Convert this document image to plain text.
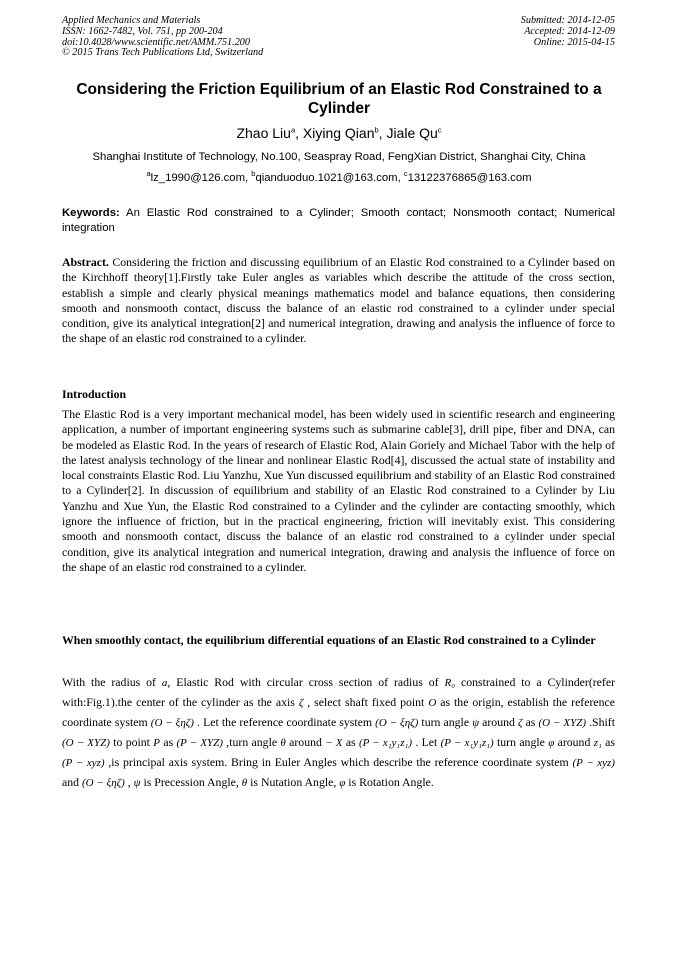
Applied Mechanics and Materials
ISSN: 1662-7482, Vol. 751, pp 200-204
doi:10.4028/www.scientific.net/AMM.751.200
© 2015 Trans Tech Publications Ltd, Switzerland
Submitted: 2014-12-05
Accepted: 2014-12-09
Online: 2015-04-15
Considering the Friction Equilibrium of an Elastic Rod Constrained to a Cylinder
Zhao Liu$^a$, Xiying Qian$^b$, Jiale Qu$^c$
Shanghai Institute of Technology, No.100, Seaspray Road, FengXian District, Shanghai City, China
$^a$lz_1990@126.com, $^b$qianduoduo.1021@163.com, $^c$13122376865@163.com
Keywords: An Elastic Rod constrained to a Cylinder; Smooth contact; Nonsmooth contact; Numerical integration
Abstract. Considering the friction and discussing equilibrium of an Elastic Rod constrained to a Cylinder based on the Kirchhoff theory[1].Firstly take Euler angles as variables which describe the attitude of the cross section, establish a simple and clearly physical meanings mathematics model and balance equations, then considering smooth and nonsmooth contact, discuss the balance of an elastic rod constrained to a cylinder under special condition, give its analytical integration[2] and numerical integration, drawing and analysis the influence of force to the shape of an elastic rod constrained to a cylinder.
Introduction
The Elastic Rod is a very important mechanical model, has been widely used in scientific research and engineering application, a number of important engineering systems such as submarine cable[3], drill pipe, fiber and DNA, can be modeled as Elastic Rod. In the years of research of Elastic Rod, Alain Goriely and Michael Tabor with the help of the latest analysis technology of the linear and nonlinear Elastic Rod[4], discussed the actual state of instability and local constraints Elastic Rod. Liu Yanzhu, Xue Yun discussed equilibrium and stability of an Elastic Rod constrained to a Cylinder[2]. In discussion of equilibrium and stability of an Elastic Rod constrained to a Cylinder by Liu Yanzhu and Xue Yun, the Elastic Rod constrained to a Cylinder and the cylinder are contacting smoothly, which ignore the influence of friction, but in the practical engineering, friction will inevitably exist. This considering smooth and nonsmooth contact, discuss the balance of an elastic rod constrained to a cylinder under special condition, give its analytical integration and numerical integration, drawing and analysis the influence of force on the shape of an elastic rod constrained to a cylinder.
When smoothly contact, the equilibrium differential equations of an Elastic Rod constrained to a Cylinder
With the radius of a, Elastic Rod with circular cross section of radius of R₀ constrained to a Cylinder(refer with:Fig.1).the center of the cylinder as the axis ζ , select shaft fixed point O as the origin, establish the reference coordinate system (O − ξηζ) . Let the reference coordinate system (O − ξηζ) turn angle ψ around ζ as (O − XYZ) .Shift (O − XYZ) to point P as (P − XYZ) ,turn angle θ around − X as (P − x₁y₁z₁) . Let (P − x₁y₁z₁) turn angle φ around z₁ as (P − xyz) ,is principal axis system. Bring in Euler Angles which describe the reference coordinate system (P − xyz) and (O − ξηζ) , ψ is Precession Angle, θ is Nutation Angle, φ is Rotation Angle.
